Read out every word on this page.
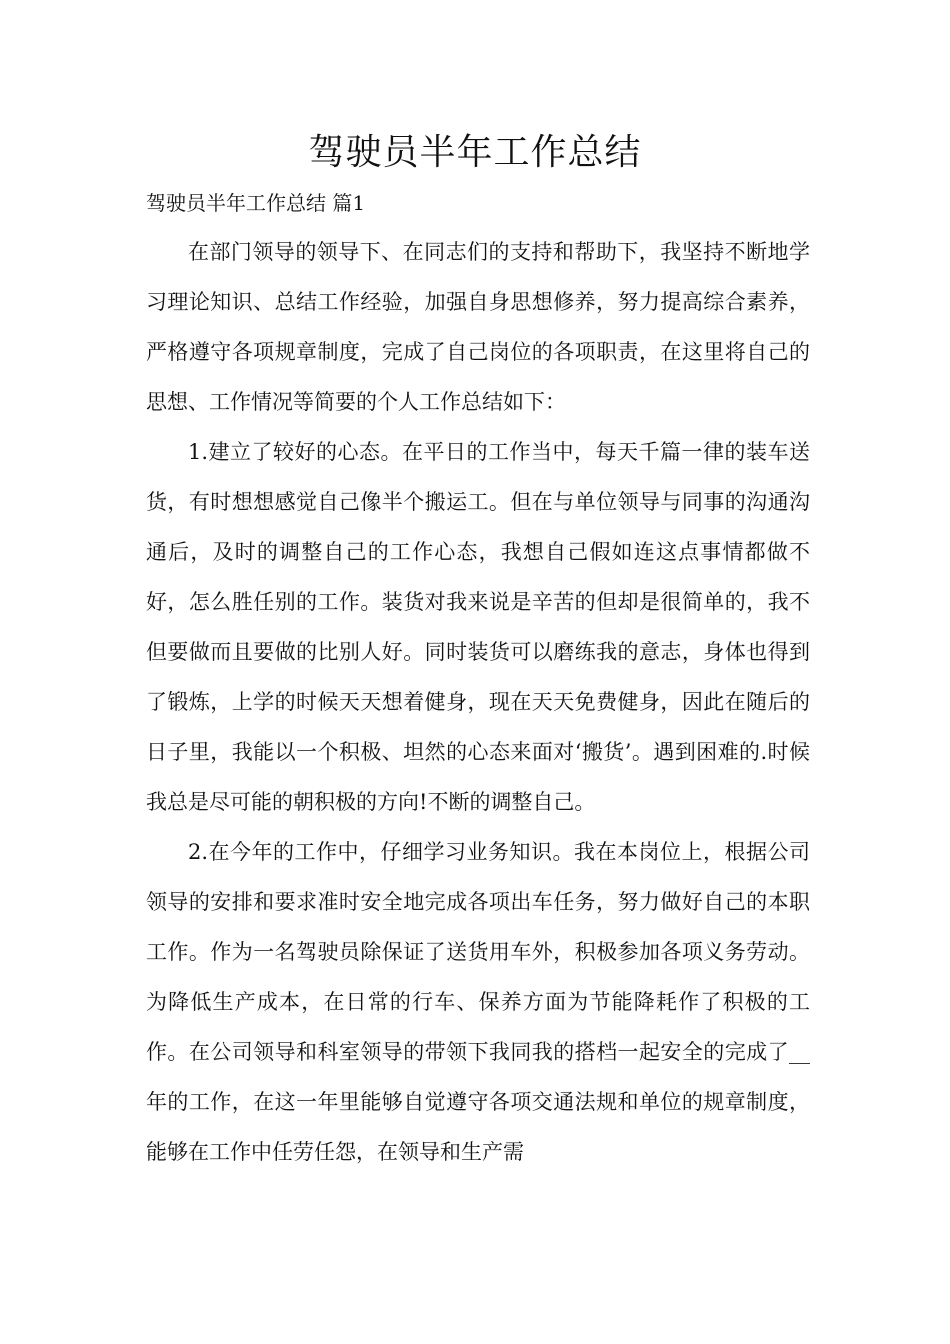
驾驶员半年工作总结

驾驶员半年工作总结 篇1

在部门领导的领导下、在同志们的支持和帮助下，我坚持不断地学习理论知识、总结工作经验，加强自身思想修养，努力提高综合素养，严格遵守各项规章制度，完成了自己岗位的各项职责，在这里将自己的思想、工作情况等简要的个人工作总结如下：

1.建立了较好的心态。在平日的工作当中，每天千篇一律的装车送货，有时想想感觉自己像半个搬运工。但在与单位领导与同事的沟通沟通后，及时的调整自己的工作心态，我想自己假如连这点事情都做不好，怎么胜任别的工作。装货对我来说是辛苦的但却是很简单的，我不但要做而且要做的比别人好。同时装货可以磨练我的意志，身体也得到了锻炼，上学的时候天天想着健身，现在天天免费健身，因此在随后的日子里，我能以一个积极、坦然的心态来面对‘搬货’。遇到困难的.时候我总是尽可能的朝积极的方向!不断的调整自己。

2.在今年的工作中，仔细学习业务知识。我在本岗位上，根据公司领导的安排和要求准时安全地完成各项出车任务，努力做好自己的本职工作。作为一名驾驶员除保证了送货用车外，积极参加各项义务劳动。为降低生产成本，在日常的行车、保养方面为节能降耗作了积极的工作。在公司领导和科室领导的带领下我同我的搭档一起安全的完成了__年的工作，在这一年里能够自觉遵守各项交通法规和单位的规章制度，能够在工作中任劳任怨，在领导和生产需
